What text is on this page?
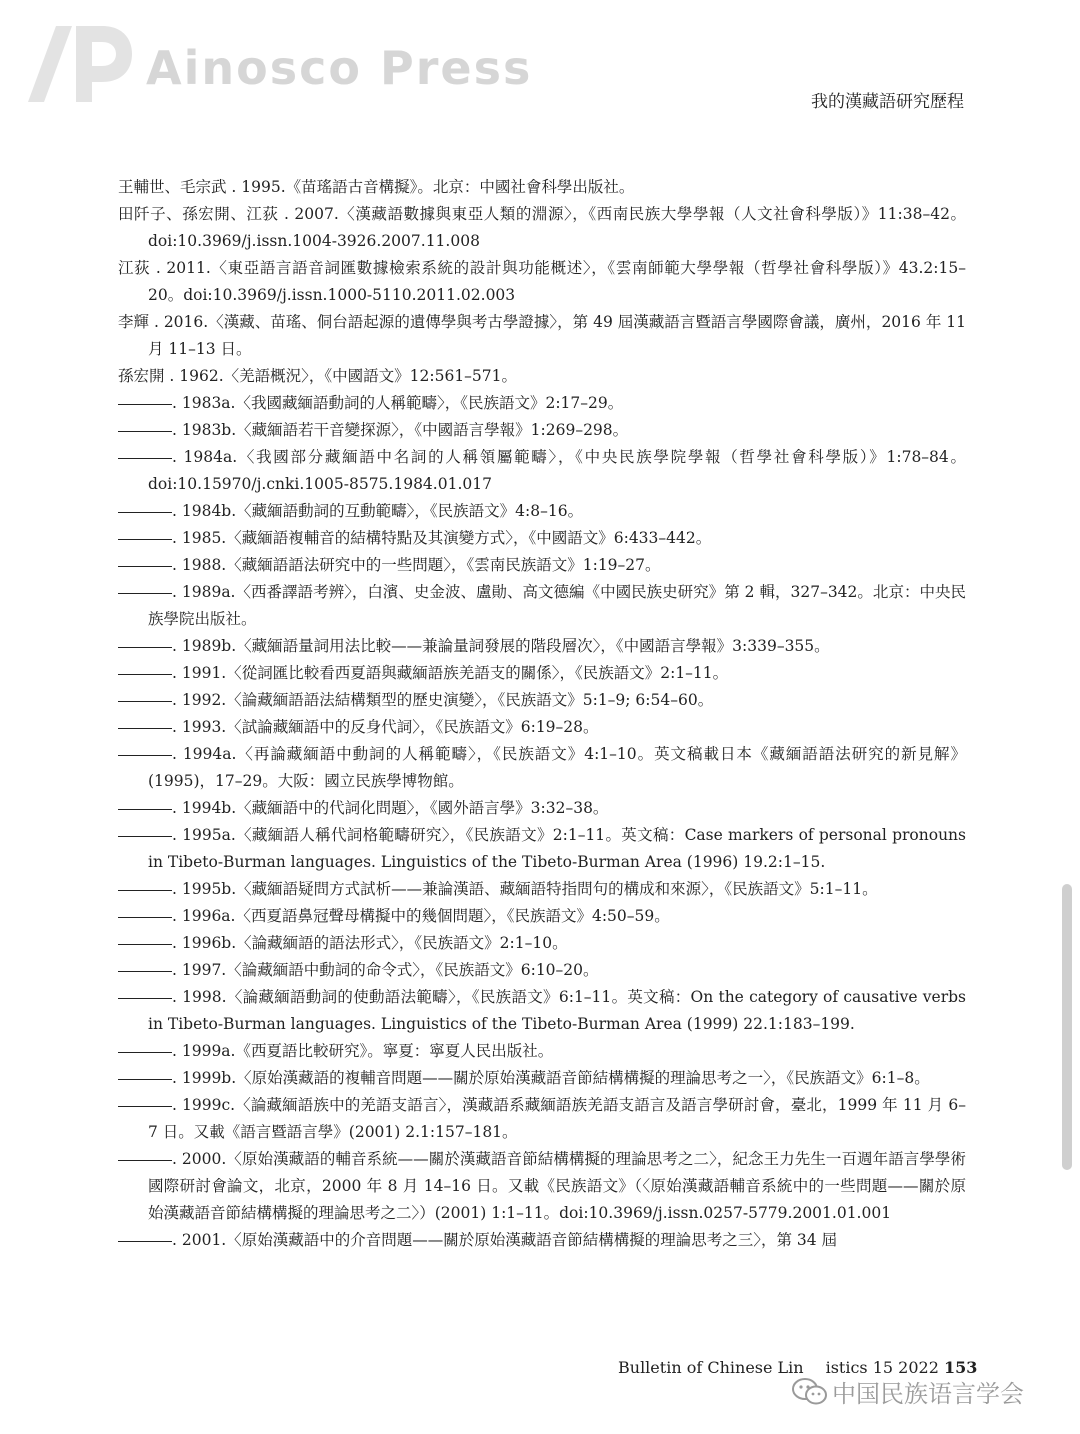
Ainosco Press
我的漢藏語研究歷程
王輔世、毛宗武 . 1995.《苗瑤語古音構擬》。北京：中國社會科學出版社。
田阡子、孫宏開、江荻 . 2007.〈漢藏語數據與東亞人類的淵源〉，《西南民族大學學報（人文社會科學版）》11:38–42。doi:10.3969/j.issn.1004-3926.2007.11.008
江荻 . 2011.〈東亞語言語音詞匯數據檢索系統的設計與功能概述〉，《雲南師範大學學報（哲學社會科學版）》43.2:15–20。doi:10.3969/j.issn.1000-5110.2011.02.003
李輝 . 2016.〈漢藏、苗瑤、侗台語起源的遺傳學與考古學證據〉，第 49 屆漢藏語言暨語言學國際會議，廣州，2016 年 11 月 11–13 日。
孫宏開 . 1962.〈羌語概況〉，《中國語文》12:561–571。
. 1983a.〈我國藏緬語動詞的人稱範疇〉，《民族語文》2:17–29。
. 1983b.〈藏緬語若干音變探源〉，《中國語言學報》1:269–298。
. 1984a.〈我國部分藏緬語中名詞的人稱領屬範疇〉，《中央民族學院學報（哲學社會科學版）》1:78–84。doi:10.15970/j.cnki.1005-8575.1984.01.017
. 1984b.〈藏緬語動詞的互動範疇〉，《民族語文》4:8–16。
. 1985.〈藏緬語複輔音的結構特點及其演變方式〉，《中國語文》6:433–442。
. 1988.〈藏緬語語法研究中的一些問題〉，《雲南民族語文》1:19–27。
. 1989a.〈西番譯語考辨〉，白濱、史金波、盧勛、高文德編《中國民族史研究》第 2 輯，327–342。北京：中央民族學院出版社。
. 1989b.〈藏緬語量詞用法比較——兼論量詞發展的階段層次〉，《中國語言學報》3:339–355。
. 1991.〈從詞匯比較看西夏語與藏緬語族羌語支的關係〉，《民族語文》2:1–11。
. 1992.〈論藏緬語語法結構類型的歷史演變〉，《民族語文》5:1–9; 6:54–60。
. 1993.〈試論藏緬語中的反身代詞〉，《民族語文》6:19–28。
. 1994a.〈再論藏緬語中動詞的人稱範疇〉，《民族語文》4:1–10。英文稿載日本《藏緬語語法研究的新見解》(1995)，17–29。大阪：國立民族學博物館。
. 1994b.〈藏緬語中的代詞化問題〉，《國外語言學》3:32–38。
. 1995a.〈藏緬語人稱代詞格範疇研究〉，《民族語文》2:1–11。英文稿：Case markers of personal pronouns in Tibeto-Burman languages. Linguistics of the Tibeto-Burman Area (1996) 19.2:1–15.
. 1995b.〈藏緬語疑問方式試析——兼論漢語、藏緬語特指問句的構成和來源〉，《民族語文》5:1–11。
. 1996a.〈西夏語鼻冠聲母構擬中的幾個問題〉，《民族語文》4:50–59。
. 1996b.〈論藏緬語的語法形式〉，《民族語文》2:1–10。
. 1997.〈論藏緬語中動詞的命令式〉，《民族語文》6:10–20。
. 1998.〈論藏緬語動詞的使動語法範疇〉，《民族語文》6:1–11。英文稿：On the category of causative verbs in Tibeto-Burman languages. Linguistics of the Tibeto-Burman Area (1999) 22.1:183–199.
. 1999a.《西夏語比較研究》。寧夏：寧夏人民出版社。
. 1999b.〈原始漢藏語的複輔音問題——關於原始漢藏語音節結構構擬的理論思考之一〉，《民族語文》6:1–8。
. 1999c.〈論藏緬語族中的羌語支語言〉，漢藏語系藏緬語族羌語支語言及語言學研討會，臺北，1999 年 11 月 6–7 日。又載《語言暨語言學》(2001) 2.1:157–181。
. 2000.〈原始漢藏語的輔音系統——關於漢藏語音節結構構擬的理論思考之二〉，紀念王力先生一百週年語言學學術國際研討會論文，北京，2000 年 8 月 14–16 日。又載《民族語文》（〈原始漢藏語輔音系統中的一些問題——關於原始漢藏語音節結構構擬的理論思考之二〉）(2001) 1:1–11。doi:10.3969/j.issn.0257-5779.2001.01.001
. 2001.〈原始漢藏語中的介音問題——關於原始漢藏語音節結構構擬的理論思考之三〉，第 34 屆
Bulletin of Chinese Lin istics 15 2022 153
中国民族语言学会
